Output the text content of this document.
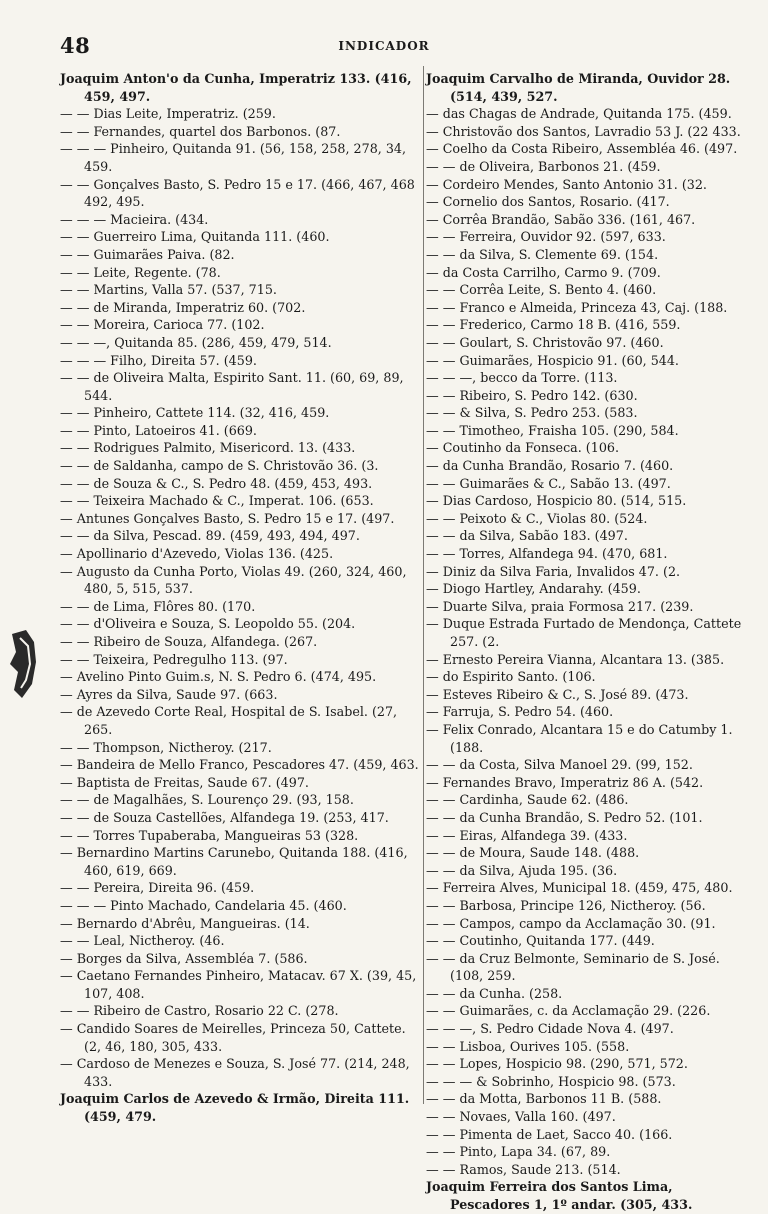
48	INDICADOR

Joaquim Anton'o da Cunha, Imperatriz 133. (416, 459, 497.

— — Dias Leite, Imperatriz. (259.

— — Fernandes, quartel dos Barbonos. (87.

— — — Pinheiro, Quitanda 91. (56, 158, 258, 278, 34, 459.

— — Gonçalves Basto, S. Pedro 15 e 17. (466, 467, 468 492, 495.

— — — Macieira. (434.

— — Guerreiro Lima, Quitanda 111. (460.

— — Guimarães Paiva. (82.

— — Leite, Regente. (78.

— — Martins, Valla 57. (537, 715.

— — de Miranda, Imperatriz 60. (702.

— — Moreira, Carioca 77. (102.

— — —, Quitanda 85. (286, 459, 479, 514.

— — — Filho, Direita 57. (459.

— — de Oliveira Malta, Espirito Sant. 11. (60, 69, 89, 544.

— — Pinheiro, Cattete 114. (32, 416, 459.

— — Pinto, Latoeiros 41. (669.

— — Rodrigues Palmito, Misericord. 13. (433.

— — de Saldanha, campo de S. Christovão 36. (3.

— — de Souza & C., S. Pedro 48. (459, 453, 493.

— — Teixeira Machado & C., Imperat. 106. (653.

— Antunes Gonçalves Basto, S. Pedro 15 e 17. (497.

— — da Silva, Pescad. 89. (459, 493, 494, 497.

— Apollinario d'Azevedo, Violas 136. (425.

— Augusto da Cunha Porto, Violas 49. (260, 324, 460, 480, 5, 515, 537.

— — de Lima, Flôres 80. (170.

— — d'Oliveira e Souza, S. Leopoldo 55. (204.

— — Ribeiro de Souza, Alfandega. (267.

— — Teixeira, Pedregulho 113. (97.

— Avelino Pinto Guim.s, N. S. Pedro 6. (474, 495.

— Ayres da Silva, Saude 97. (663.

— de Azevedo Corte Real, Hospital de S. Isabel. (27, 265.

— — Thompson, Nictheroy. (217.

— Bandeira de Mello Franco, Pescadores 47. (459, 463.

— Baptista de Freitas, Saude 67. (497.

— — de Magalhães, S. Lourenço 29. (93, 158.

— — de Souza Castellões, Alfandega 19. (253, 417.

— — Torres Tupaberaba, Mangueiras 53 (328.

— Bernardino Martins Carunebo, Quitanda 188. (416, 460, 619, 669.

— — Pereira, Direita 96. (459.

— — — Pinto Machado, Candelaria 45. (460.

— Bernardo d'Abrêu, Mangueiras. (14.

— — Leal, Nictheroy. (46.

— Borges da Silva, Assembléa 7. (586.

— Caetano Fernandes Pinheiro, Matacav. 67 X. (39, 45, 107, 408.

— — Ribeiro de Castro, Rosario 22 C. (278.

— Candido Soares de Meirelles, Princeza 50, Cattete. (2, 46, 180, 305, 433.

— Cardoso de Menezes e Souza, S. José 77. (214, 248, 433.

Joaquim Carlos de Azevedo & Irmão, Direita 111. (459, 479.

Joaquim Carvalho de Miranda, Ouvidor 28. (514, 439, 527.

— das Chagas de Andrade, Quitanda 175. (459.

— Christovão dos Santos, Lavradio 53 J. (22 433.

— Coelho da Costa Ribeiro, Assembléa 46. (497.

— — de Oliveira, Barbonos 21. (459.

— Cordeiro Mendes, Santo Antonio 31. (32.

— Cornelio dos Santos, Rosario. (417.

— Corrêa Brandão, Sabão 336. (161, 467.

— — Ferreira, Ouvidor 92. (597, 633.

— — da Silva, S. Clemente 69. (154.

— da Costa Carrilho, Carmo 9. (709.

— — Corrêa Leite, S. Bento 4. (460.

— — Franco e Almeida, Princeza 43, Caj. (188.

— — Frederico, Carmo 18 B. (416, 559.

— — Goulart, S. Christovão 97. (460.

— — Guimarães, Hospicio 91. (60, 544.

— — —, becco da Torre. (113.

— — Ribeiro, S. Pedro 142. (630.

— — & Silva, S. Pedro 253. (583.

— — Timotheo, Fraisha 105. (290, 584.

— Coutinho da Fonseca. (106.

— da Cunha Brandão, Rosario 7. (460.

— — Guimarães & C., Sabão 13. (497.

— Dias Cardoso, Hospicio 80. (514, 515.

— — Peixoto & C., Violas 80. (524.

— — da Silva, Sabão 183. (497.

— — Torres, Alfandega 94. (470, 681.

— Diniz da Silva Faria, Invalidos 47. (2.

— Diogo Hartley, Andarahy. (459.

— Duarte Silva, praia Formosa 217. (239.

— Duque Estrada Furtado de Mendonça, Cattete 257. (2.

— Ernesto Pereira Vianna, Alcantara 13. (385.

— do Espirito Santo. (106.

— Esteves Ribeiro & C., S. José 89. (473.

— Farruja, S. Pedro 54. (460.

— Felix Conrado, Alcantara 15 e do Catumby 1. (188.

— — da Costa, Silva Manoel 29. (99, 152.

— Fernandes Bravo, Imperatriz 86 A. (542.

— — Cardinha, Saude 62. (486.

— — da Cunha Brandão, S. Pedro 52. (101.

— — Eiras, Alfandega 39. (433.

— — de Moura, Saude 148. (488.

— — da Silva, Ajuda 195. (36.

— Ferreira Alves, Municipal 18. (459, 475, 480.

— — Barbosa, Principe 126, Nictheroy. (56.

— — Campos, campo da Acclamação 30. (91.

— — Coutinho, Quitanda 177. (449.

— — da Cruz Belmonte, Seminario de S. José. (108, 259.

— — da Cunha. (258.

— — Guimarães, c. da Acclamação 29. (226.

— — —, S. Pedro Cidade Nova 4. (497.

— — Lisboa, Ourives 105. (558.

— — Lopes, Hospicio 98. (290, 571, 572.

— — — & Sobrinho, Hospicio 98. (573.

— — da Motta, Barbonos 11 B. (588.

— — Novaes, Valla 160. (497.

— — Pimenta de Laet, Sacco 40. (166.

— — Pinto, Lapa 34. (67, 89.

— — Ramos, Saude 213. (514.

Joaquim Ferreira dos Santos Lima, Pescadores 1, 1º andar. (305, 433.
